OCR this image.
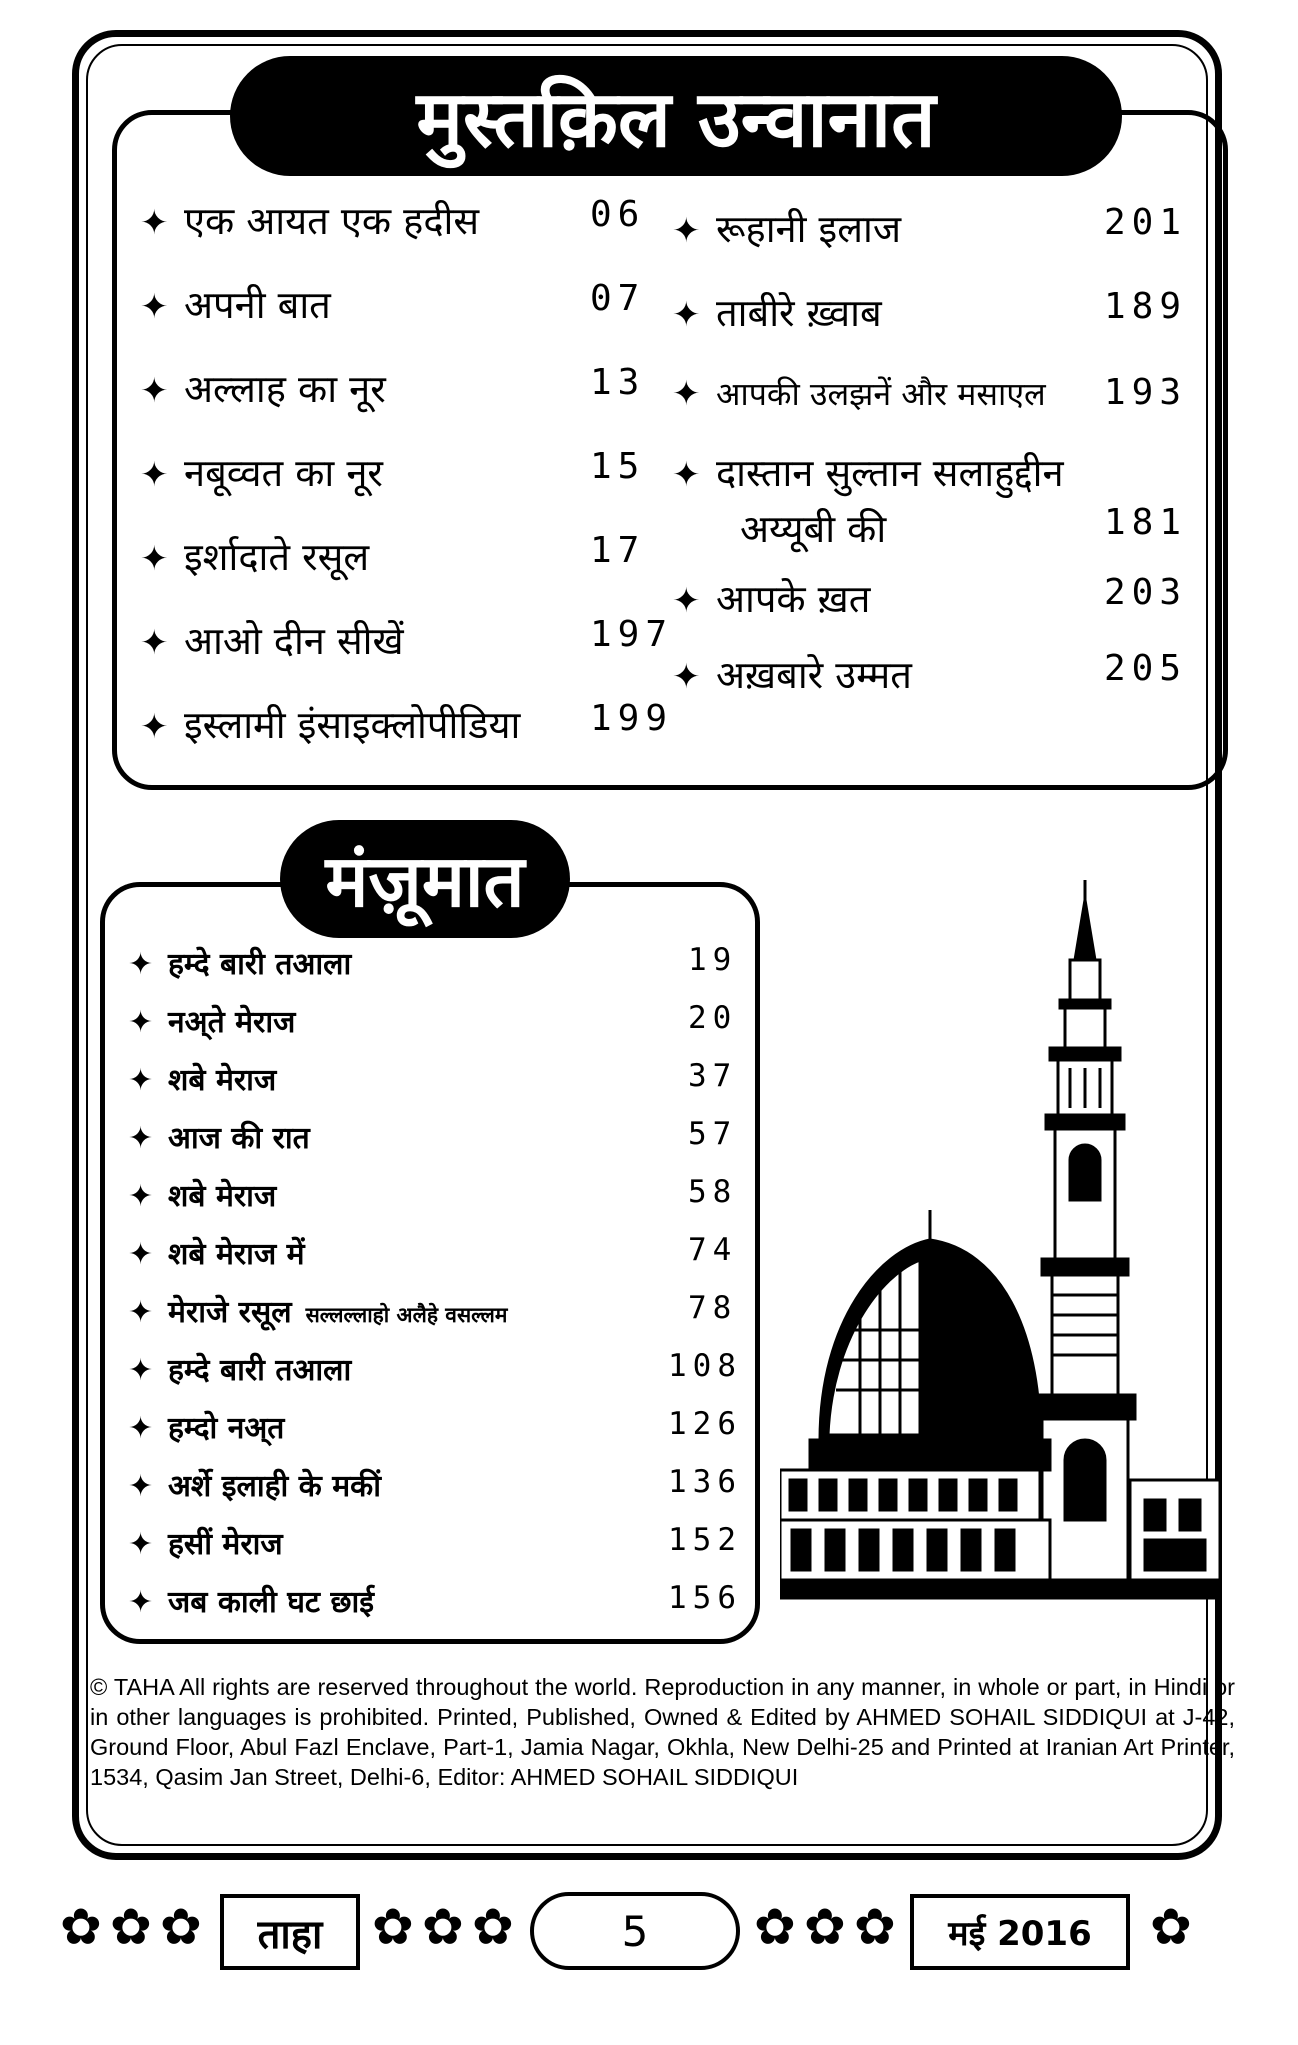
मुस्तक़िल उन्वानात
✦ एक आयत एक हदीस	06
✦ अपनी बात	07
✦ अल्लाह का नूर	13
✦ नबूव्वत का नूर	15
✦ इर्शादाते रसूल	17
✦ आओ दीन सीखें	197
✦ इस्लामी इंसाइक्लोपीडिया 199
✦ रूहानी इलाज	201
✦ ताबीरे ख़्वाब	189
✦ आपकी उलझनें और मसाएल 193
✦ दास्तान सुल्तान सलाहुद्दीन
अय्यूबी की	181
✦ आपके ख़त	203
✦ अख़बारे उम्मत	205
मंज़ूमात
✦ हम्दे बारी तआला	19
✦ नअ्ते मेराज	20
✦ शबे मेराज	37
✦ आज की रात	57
✦ शबे मेराज	58
✦ शबे मेराज में	74
✦ मेराजे रसूल सल्लल्लाहो अलैहे वसल्लम	78
✦ हम्दे बारी तआला	108
✦ हम्दो नअ्त	126
✦ अर्शे इलाही के मकीं	136
✦ हसीं मेराज	152
✦ जब काली घट छाई	156
© TAHA All rights are reserved throughout the world. Reproduction in any manner, in whole or part, in Hindi or in other languages is prohibited. Printed, Published, Owned & Edited by AHMED SOHAIL SIDDIQUI at J-42, Ground Floor, Abul Fazl Enclave, Part-1, Jamia Nagar, Okhla, New Delhi-25 and Printed at Iranian Art Printer, 1534, Qasim Jan Street, Delhi-6, Editor: AHMED SOHAIL SIDDIQUI
✿ ✿ ✿	ताहा ✿ ✿ ✿	5	✿ ✿ ✿	मई 2016	✿
